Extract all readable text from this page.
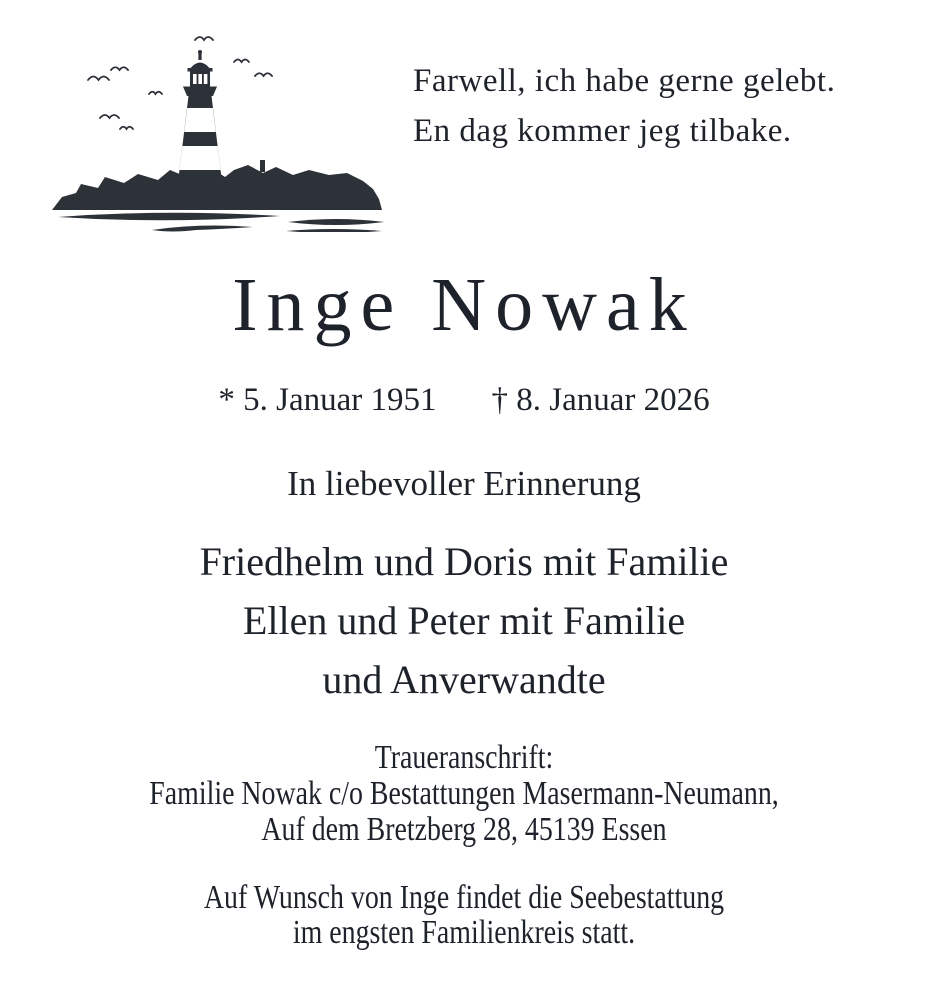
Farwell, ich habe gerne gelebt.
En dag kommer jeg tilbake.
Inge Nowak
* 5. Januar 1951 † 8. Januar 2026
In liebevoller Erinnerung
Friedhelm und Doris mit Familie
Ellen und Peter mit Familie
und Anverwandte
Traueranschrift:
Familie Nowak c/o Bestattungen Masermann-Neumann,
Auf dem Bretzberg 28, 45139 Essen
Auf Wunsch von Inge findet die Seebestattung
im engsten Familienkreis statt.
